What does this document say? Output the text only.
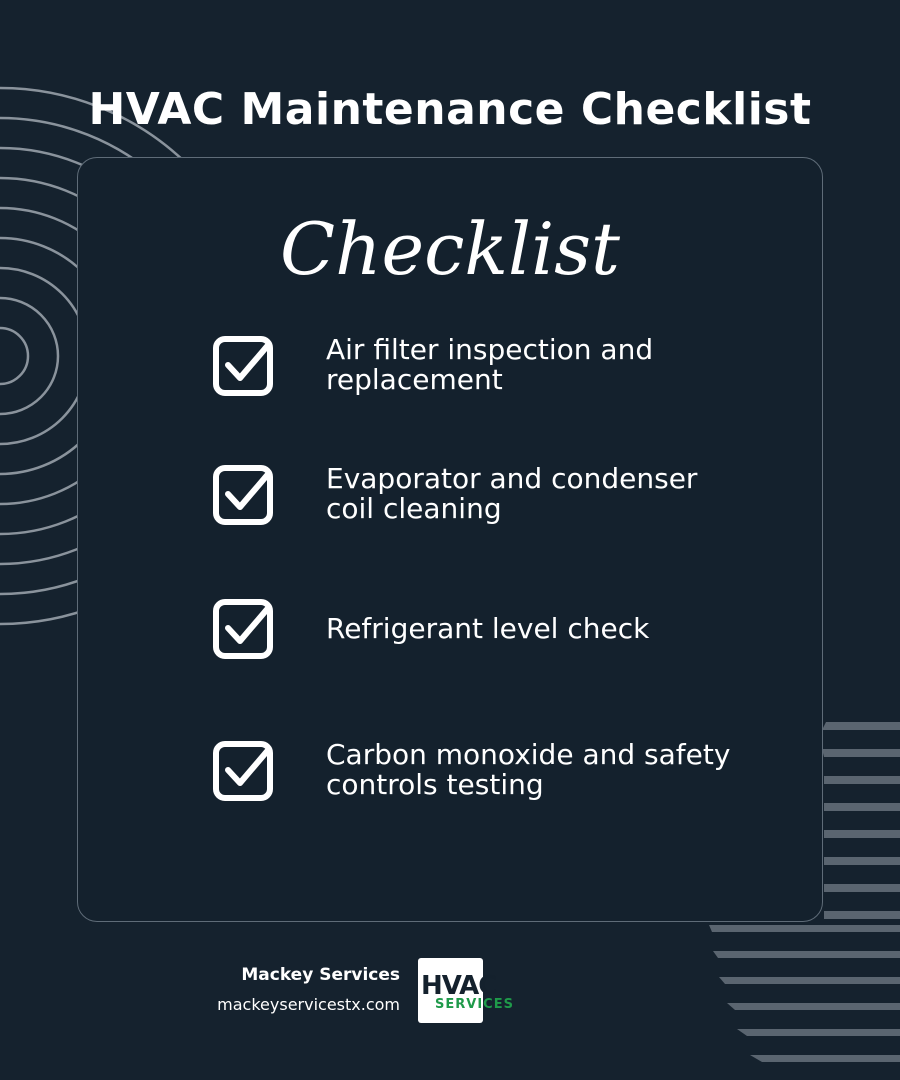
HVAC Maintenance Checklist
Checklist
Air filter inspection and
replacement
Evaporator and condenser
coil cleaning
Refrigerant level check
Carbon monoxide and safety
controls testing
Mackey Services
mackeyservicestx.com
HVAC
SERVICES
